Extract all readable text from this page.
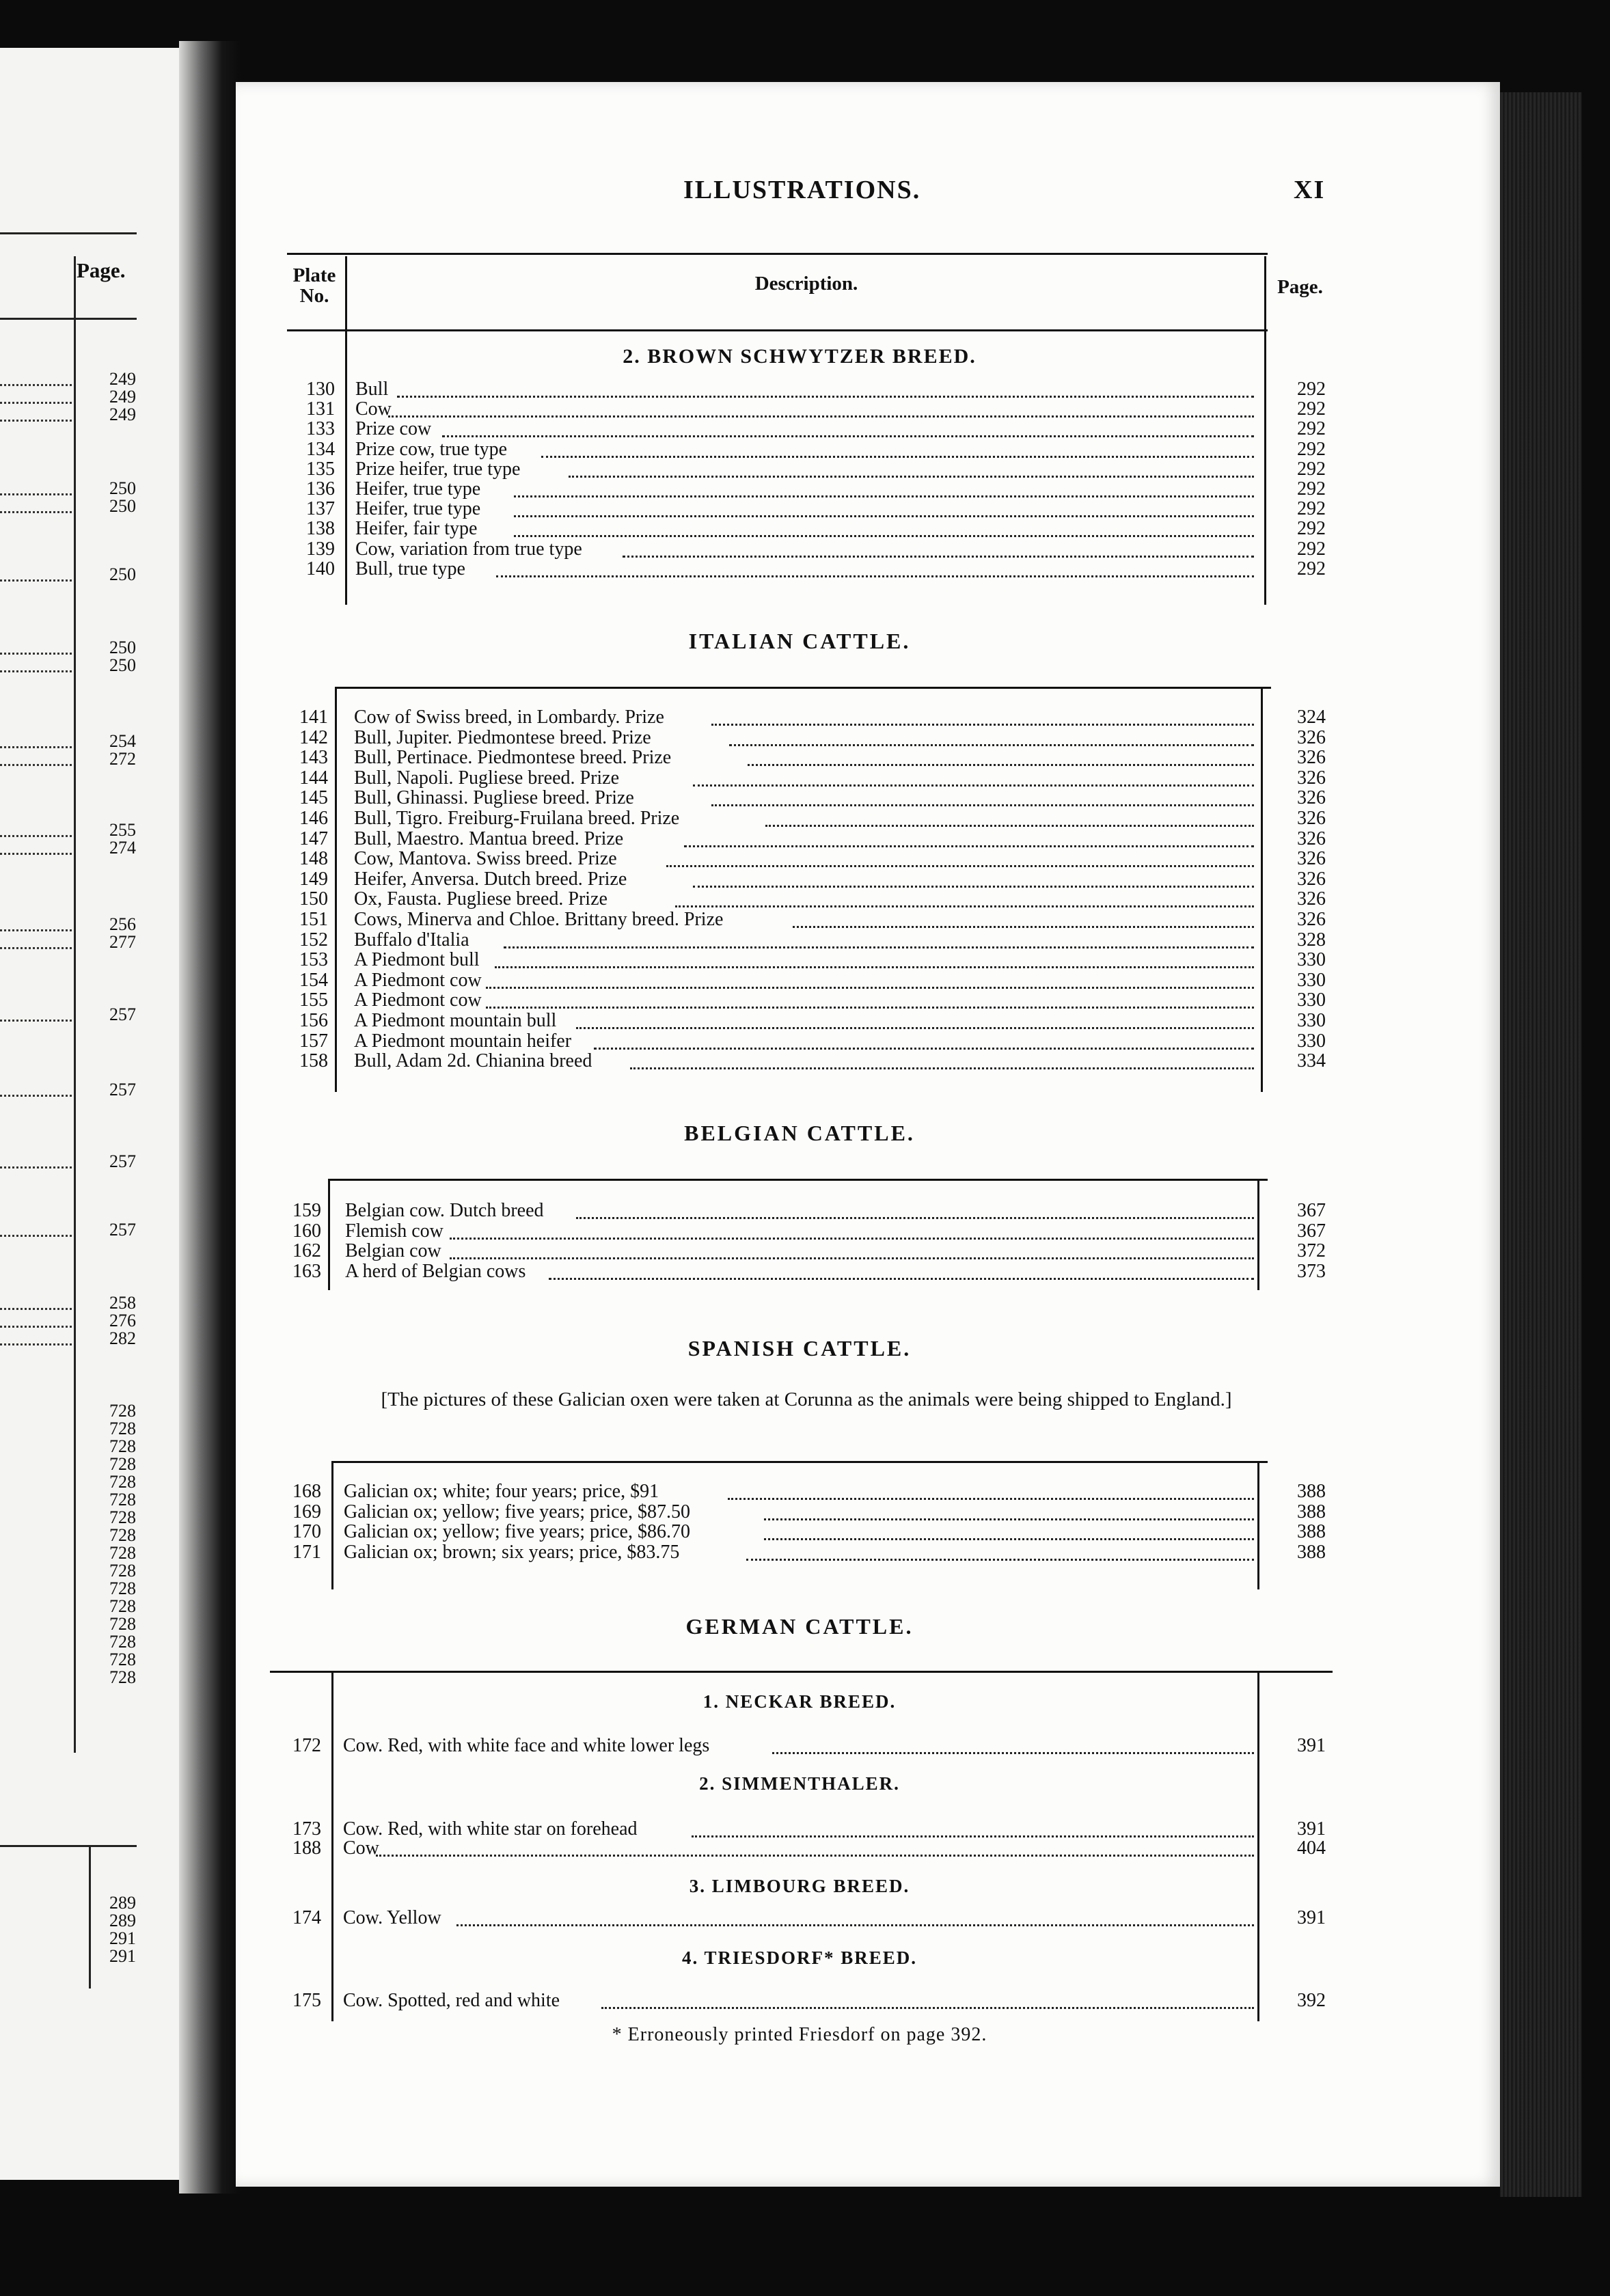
Page.
249
249
249
250
250
250
250
250
254
272
255
274
256
277
257
257
257
257
258
276
282
728
728
728
728
728
728
728
728
728
728
728
728
728
728
728
728
289
289
291
291
ILLUSTRATIONS.	XI
Plate
No.
Description.	Page.
2. BROWN SCHWYTZER BREED.
130 Bull	292
131 Cow	292
133 Prize cow	292
134 Prize cow, true type	292
135 Prize heifer, true type	292
136 Heifer, true type	292
137 Heifer, true type	292
138 Heifer, fair type	292
139 Cow, variation from true type	292
140 Bull, true type	292
ITALIAN CATTLE.
141 Cow of Swiss breed, in Lombardy. Prize	324
142 Bull, Jupiter. Piedmontese breed. Prize	326
143 Bull, Pertinace. Piedmontese breed. Prize	326
144 Bull, Napoli. Pugliese breed. Prize	326
145 Bull, Ghinassi. Pugliese breed. Prize	326
146 Bull, Tigro. Freiburg-Fruilana breed. Prize	326
147 Bull, Maestro. Mantua breed. Prize	326
148 Cow, Mantova. Swiss breed. Prize	326
149 Heifer, Anversa. Dutch breed. Prize	326
150 Ox, Fausta. Pugliese breed. Prize	326
151 Cows, Minerva and Chloe. Brittany breed. Prize	326
152 Buffalo d'Italia	328
153 A Piedmont bull	330
154 A Piedmont cow	330
155 A Piedmont cow	330
156 A Piedmont mountain bull	330
157 A Piedmont mountain heifer	330
158 Bull, Adam 2d. Chianina breed	334
BELGIAN CATTLE.
159 Belgian cow. Dutch breed	367
160 Flemish cow	367
162 Belgian cow	372
163 A herd of Belgian cows	373
SPANISH CATTLE.
[The pictures of these Galician oxen were taken at Corunna as the animals were being shipped to England.]
168 Galician ox; white; four years; price, $91	388
169 Galician ox; yellow; five years; price, $87.50	388
170 Galician ox; yellow; five years; price, $86.70	388
171 Galician ox; brown; six years; price, $83.75	388
GERMAN CATTLE.
1. NECKAR BREED.
172 Cow. Red, with white face and white lower legs	391
2. SIMMENTHALER.
173 Cow. Red, with white star on forehead	391
188 Cow	404
3. LIMBOURG BREED.
174 Cow. Yellow	391
4. TRIESDORF* BREED.
175 Cow. Spotted, red and white	392
* Erroneously printed Friesdorf on page 392.
